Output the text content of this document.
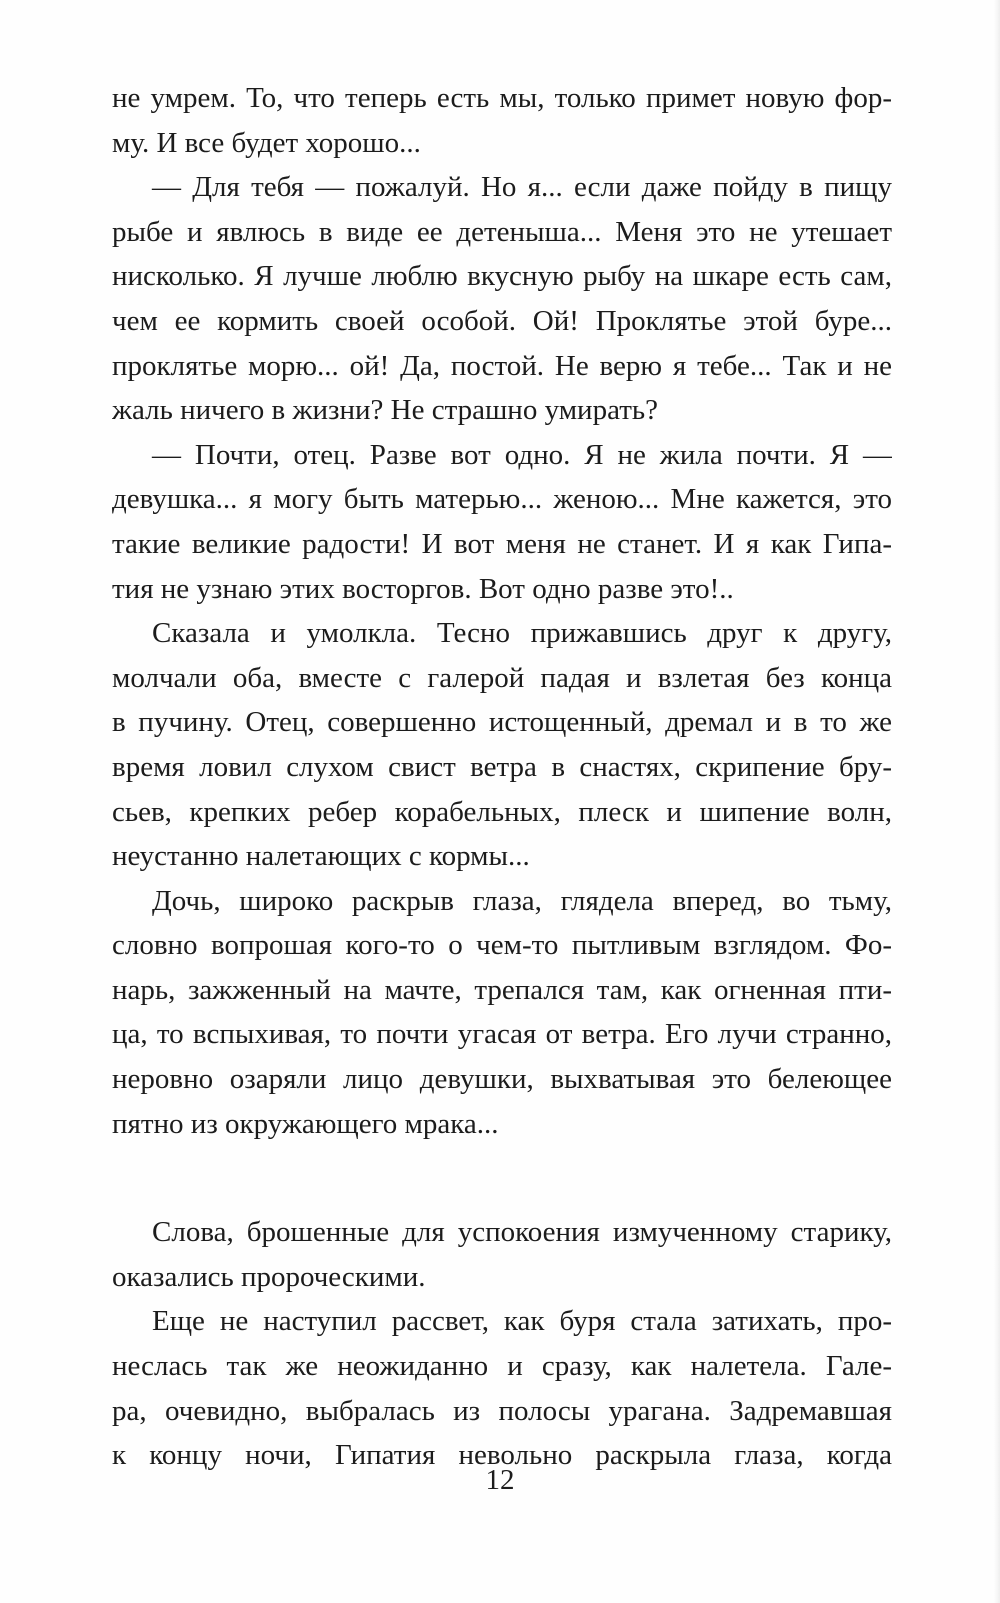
не умрем. То, что теперь есть мы, только примет новую фор-
му. И все будет хорошо...
— Для тебя — пожалуй. Но я... если даже пойду в пищу
рыбе и явлюсь в виде ее детеныша... Меня это не утешает
нисколько. Я лучше люблю вкусную рыбу на шкаре есть сам,
чем ее кормить своей особой. Ой! Проклятье этой буре...
проклятье морю... ой! Да, постой. Не верю я тебе... Так и не
жаль ничего в жизни? Не страшно умирать?
— Почти, отец. Разве вот одно. Я не жила почти. Я —
девушка... я могу быть матерью... женою... Мне кажется, это
такие великие радости! И вот меня не станет. И я как Гипа-
тия не узнаю этих восторгов. Вот одно разве это!..
Сказала и умолкла. Тесно прижавшись друг к другу,
молчали оба, вместе с галерой падая и взлетая без конца
в пучину. Отец, совершенно истощенный, дремал и в то же
время ловил слухом свист ветра в снастях, скрипение бру-
сьев, крепких ребер корабельных, плеск и шипение волн,
неустанно налетающих с кормы...
Дочь, широко раскрыв глаза, глядела вперед, во тьму,
словно вопрошая кого-то о чем-то пытливым взглядом. Фо-
нарь, зажженный на мачте, трепался там, как огненная пти-
ца, то вспыхивая, то почти угасая от ветра. Его лучи странно,
неровно озаряли лицо девушки, выхватывая это белеющее
пятно из окружающего мрака...
Слова, брошенные для успокоения измученному старику,
оказались пророческими.
Еще не наступил рассвет, как буря стала затихать, про-
неслась так же неожиданно и сразу, как налетела. Гале-
ра, очевидно, выбралась из полосы урагана. Задремавшая
к концу ночи, Гипатия невольно раскрыла глаза, когда
12
